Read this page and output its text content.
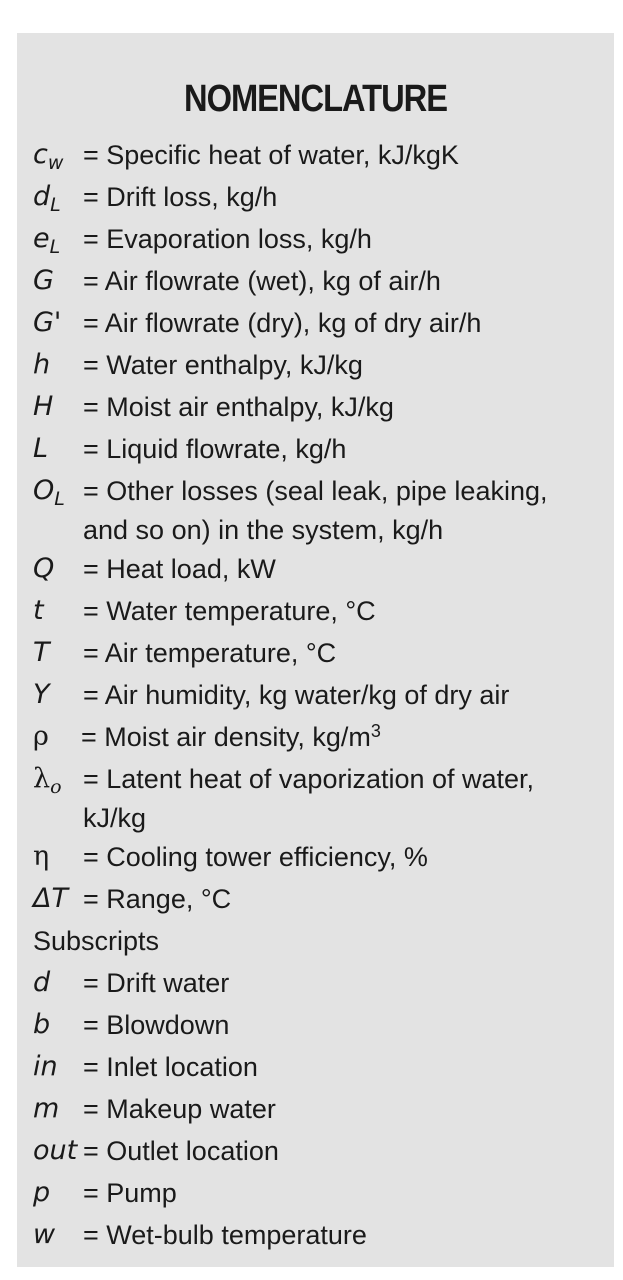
NOMENCLATURE
$c_w$ = Specific heat of water, kJ/kgK
$d_L$ = Drift loss, kg/h
$e_L$ = Evaporation loss, kg/h
G = Air flowrate (wet), kg of air/h
G' = Air flowrate (dry), kg of dry air/h
h = Water enthalpy, kJ/kg
H = Moist air enthalpy, kJ/kg
L = Liquid flowrate, kg/h
$O_L$ = Other losses (seal leak, pipe leaking,
and so on) in the system, kg/h
Q = Heat load, kW
t = Water temperature, °C
T = Air temperature, °C
Y = Air humidity, kg water/kg of dry air
ρ = Moist air density, $kg/m^3$
$\lambda_o$ = Latent heat of vaporization of water,
kJ/kg
η = Cooling tower efficiency, %
ΔT = Range, °C
Subscripts
d = Drift water
b = Blowdown
in = Inlet location
m = Makeup water
out = Outlet location
p = Pump
w = Wet-bulb temperature
